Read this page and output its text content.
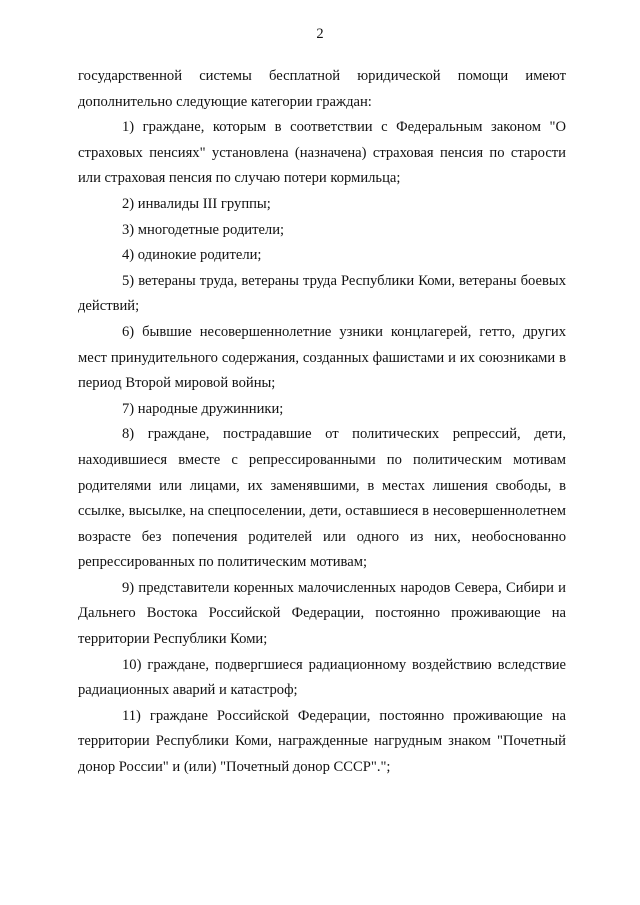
2

государственной системы бесплатной юридической помощи имеют дополнительно следующие категории граждан:

1) граждане, которым в соответствии с Федеральным законом "О страховых пенсиях" установлена (назначена) страховая пенсия по старости или страховая пенсия по случаю потери кормильца;

2) инвалиды III группы;

3) многодетные родители;

4) одинокие родители;

5) ветераны труда, ветераны труда Республики Коми, ветераны боевых действий;

6) бывшие несовершеннолетние узники концлагерей, гетто, других мест принудительного содержания, созданных фашистами и их союзниками в период Второй мировой войны;

7) народные дружинники;

8) граждане, пострадавшие от политических репрессий, дети, находившиеся вместе с репрессированными по политическим мотивам родителями или лицами, их заменявшими, в местах лишения свободы, в ссылке, высылке, на спецпоселении, дети, оставшиеся в несовершеннолетнем возрасте без попечения родителей или одного из них, необоснованно репрессированных по политическим мотивам;

9) представители коренных малочисленных народов Севера, Сибири и Дальнего Востока Российской Федерации, постоянно проживающие на территории Республики Коми;

10) граждане, подвергшиеся радиационному воздействию вследствие радиационных аварий и катастроф;

11) граждане Российской Федерации, постоянно проживающие на территории Республики Коми, награжденные нагрудным знаком "Почетный донор России" и (или) "Почетный донор СССР".";
